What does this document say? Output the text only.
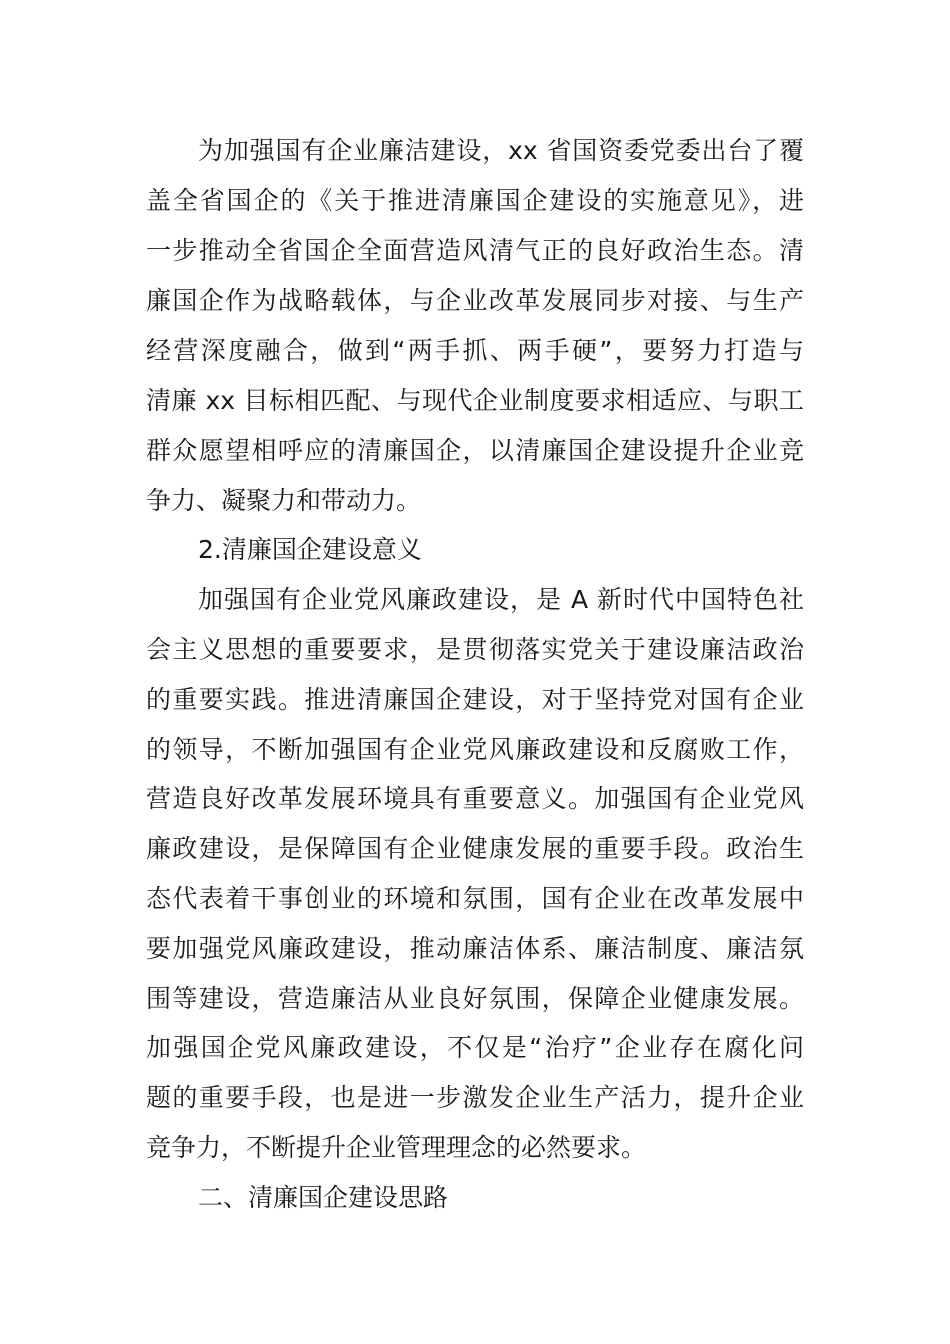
为加强国有企业廉洁建设，xx 省国资委党委出台了覆
盖全省国企的《关于推进清廉国企建设的实施意见》，进
一步推动全省国企全面营造风清气正的良好政治生态。清
廉国企作为战略载体，与企业改革发展同步对接、与生产
经营深度融合，做到“两手抓、两手硬”，要努力打造与
清廉 xx 目标相匹配、与现代企业制度要求相适应、与职工
群众愿望相呼应的清廉国企，以清廉国企建设提升企业竞
争力、凝聚力和带动力。
2.清廉国企建设意义
加强国有企业党风廉政建设，是 A 新时代中国特色社
会主义思想的重要要求，是贯彻落实党关于建设廉洁政治
的重要实践。推进清廉国企建设，对于坚持党对国有企业
的领导，不断加强国有企业党风廉政建设和反腐败工作，
营造良好改革发展环境具有重要意义。加强国有企业党风
廉政建设，是保障国有企业健康发展的重要手段。政治生
态代表着干事创业的环境和氛围，国有企业在改革发展中
要加强党风廉政建设，推动廉洁体系、廉洁制度、廉洁氛
围等建设，营造廉洁从业良好氛围，保障企业健康发展。
加强国企党风廉政建设，不仅是“治疗”企业存在腐化问
题的重要手段，也是进一步激发企业生产活力，提升企业
竞争力，不断提升企业管理理念的必然要求。
二、清廉国企建设思路
